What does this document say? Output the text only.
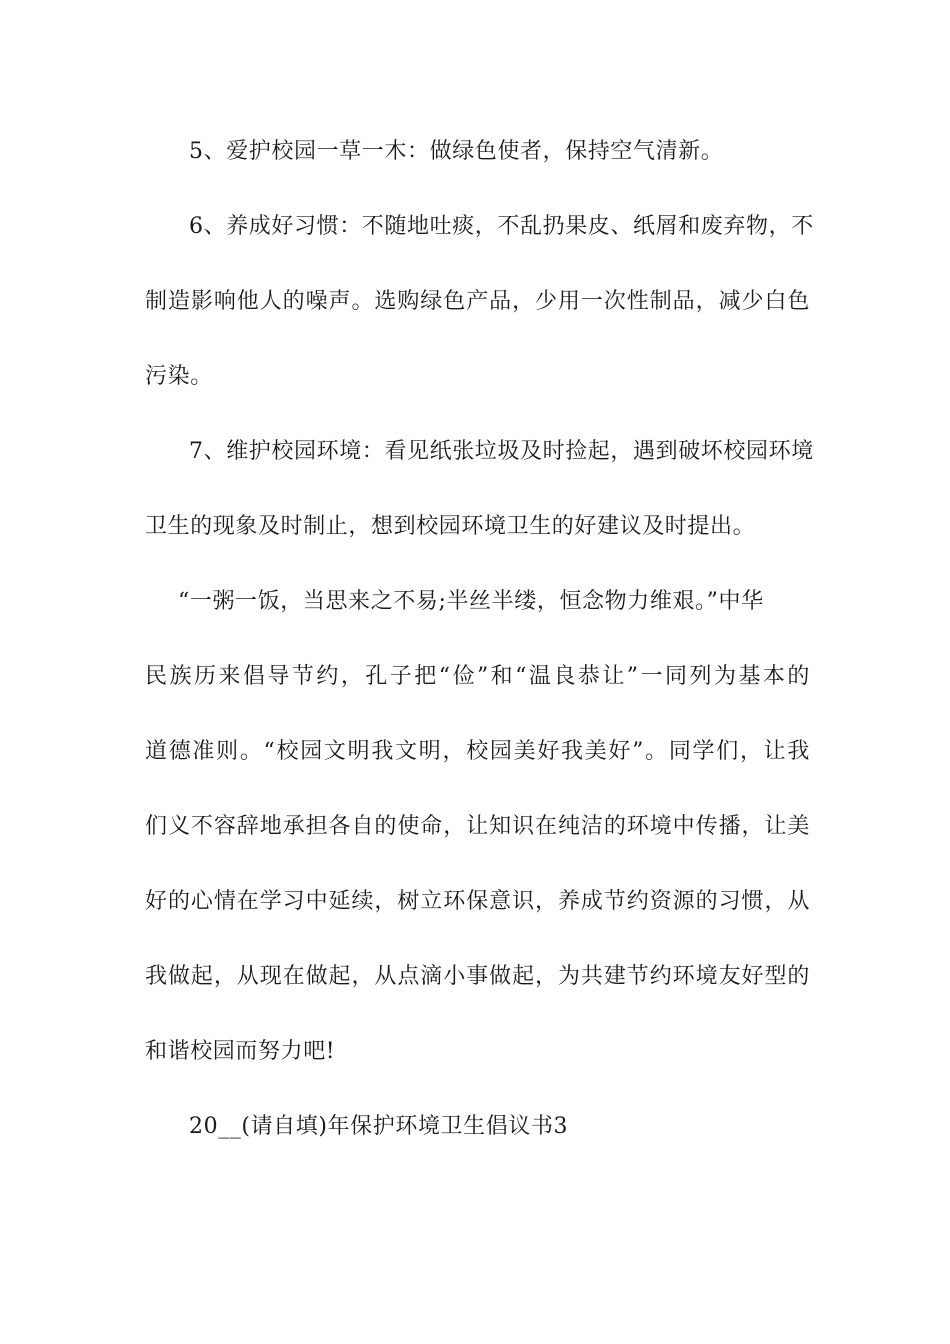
5、爱护校园一草一木：做绿色使者，保持空气清新。
6、养成好习惯：不随地吐痰，不乱扔果皮、纸屑和废弃物，不
制造影响他人的噪声。选购绿色产品，少用一次性制品，减少白色
污染。
7、维护校园环境：看见纸张垃圾及时捡起，遇到破坏校园环境
卫生的现象及时制止，想到校园环境卫生的好建议及时提出。
“一粥一饭，当思来之不易;半丝半缕，恒念物力维艰。”中华
民族历来倡导节约，孔子把“俭”和“温良恭让”一同列为基本的
道德准则。“校园文明我文明，校园美好我美好”。同学们，让我
们义不容辞地承担各自的使命，让知识在纯洁的环境中传播，让美
好的心情在学习中延续，树立环保意识，养成节约资源的习惯，从
我做起，从现在做起，从点滴小事做起，为共建节约环境友好型的
和谐校园而努力吧!
20__(请自填)年保护环境卫生倡议书3
